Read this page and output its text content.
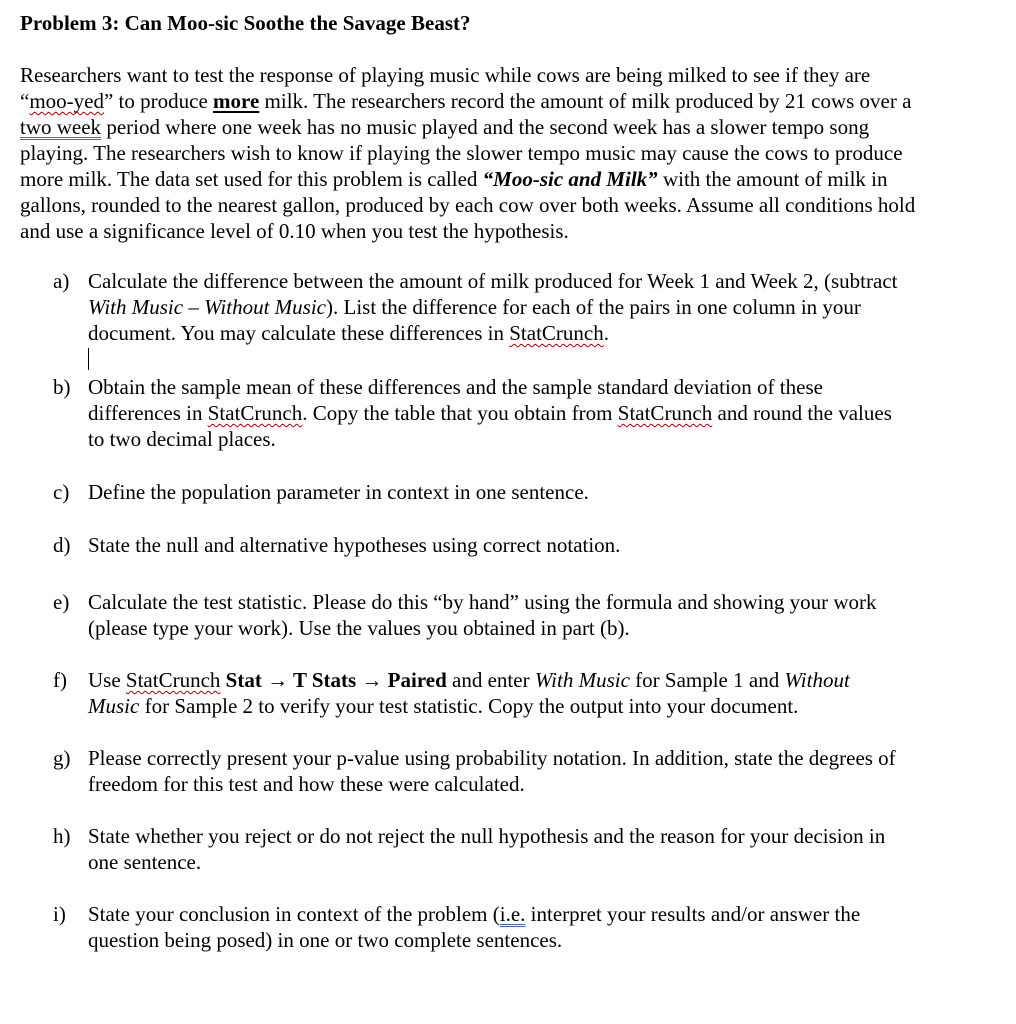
Problem 3: Can Moo-sic Soothe the Savage Beast?

Researchers want to test the response of playing music while cows are being milked to see if they are “moo-yed” to produce more milk. The researchers record the amount of milk produced by 21 cows over a two week period where one week has no music played and the second week has a slower tempo song playing. The researchers wish to know if playing the slower tempo music may cause the cows to produce more milk. The data set used for this problem is called “Moo-sic and Milk” with the amount of milk in gallons, rounded to the nearest gallon, produced by each cow over both weeks. Assume all conditions hold and use a significance level of 0.10 when you test the hypothesis.
a) Calculate the difference between the amount of milk produced for Week 1 and Week 2, (subtract With Music – Without Music). List the difference for each of the pairs in one column in your document. You may calculate these differences in StatCrunch.
b) Obtain the sample mean of these differences and the sample standard deviation of these differences in StatCrunch. Copy the table that you obtain from StatCrunch and round the values to two decimal places.
c) Define the population parameter in context in one sentence.
d) State the null and alternative hypotheses using correct notation.
e) Calculate the test statistic. Please do this “by hand” using the formula and showing your work (please type your work). Use the values you obtained in part (b).
f) Use StatCrunch Stat → T Stats → Paired and enter With Music for Sample 1 and Without Music for Sample 2 to verify your test statistic. Copy the output into your document.
g) Please correctly present your p-value using probability notation. In addition, state the degrees of freedom for this test and how these were calculated.
h) State whether you reject or do not reject the null hypothesis and the reason for your decision in one sentence.
i) State your conclusion in context of the problem (i.e. interpret your results and/or answer the question being posed) in one or two complete sentences.
